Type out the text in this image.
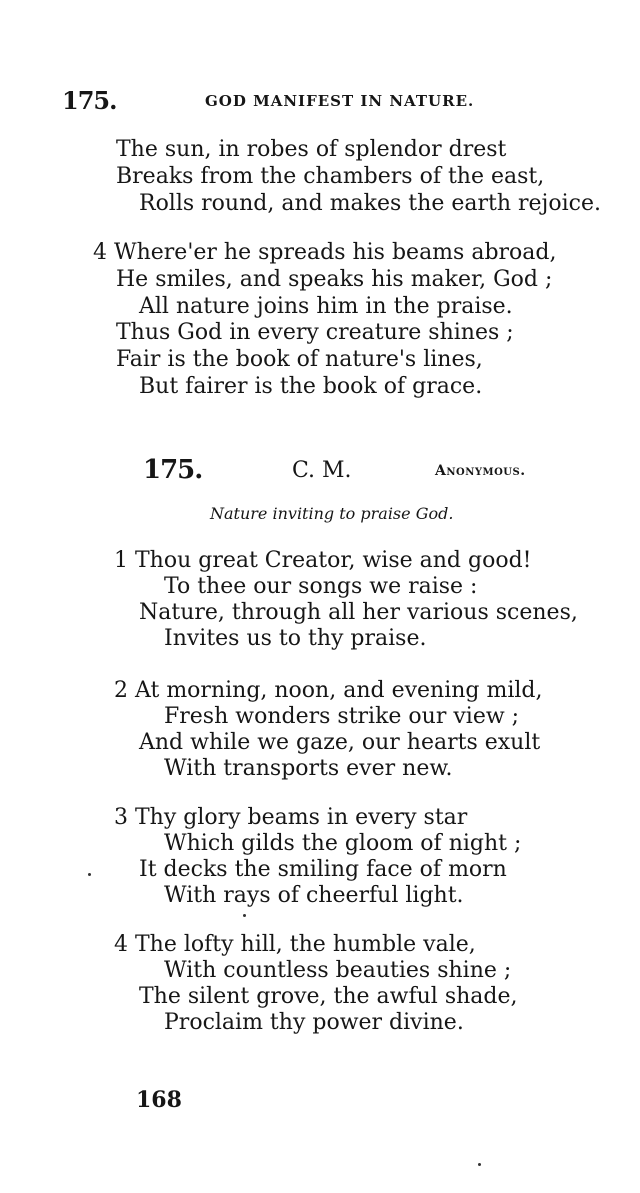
175.	GOD MANIFEST IN NATURE.
The sun, in robes of splendor drest
Breaks from the chambers of the east,
Rolls round, and makes the earth rejoice.
4 Where'er he spreads his beams abroad,
He smiles, and speaks his maker, God ;
All nature joins him in the praise.
Thus God in every creature shines ;
Fair is the book of nature's lines,
But fairer is the book of grace.
175.	C. M.	Anonymous.
Nature inviting to praise God.
1 Thou great Creator, wise and good!
To thee our songs we raise :
Nature, through all her various scenes,
Invites us to thy praise.
2 At morning, noon, and evening mild,
Fresh wonders strike our view ;
And while we gaze, our hearts exult
With transports ever new.
3 Thy glory beams in every star
Which gilds the gloom of night ;
It decks the smiling face of morn
With rays of cheerful light.
4 The lofty hill, the humble vale,
With countless beauties shine ;
The silent grove, the awful shade,
Proclaim thy power divine.
168
